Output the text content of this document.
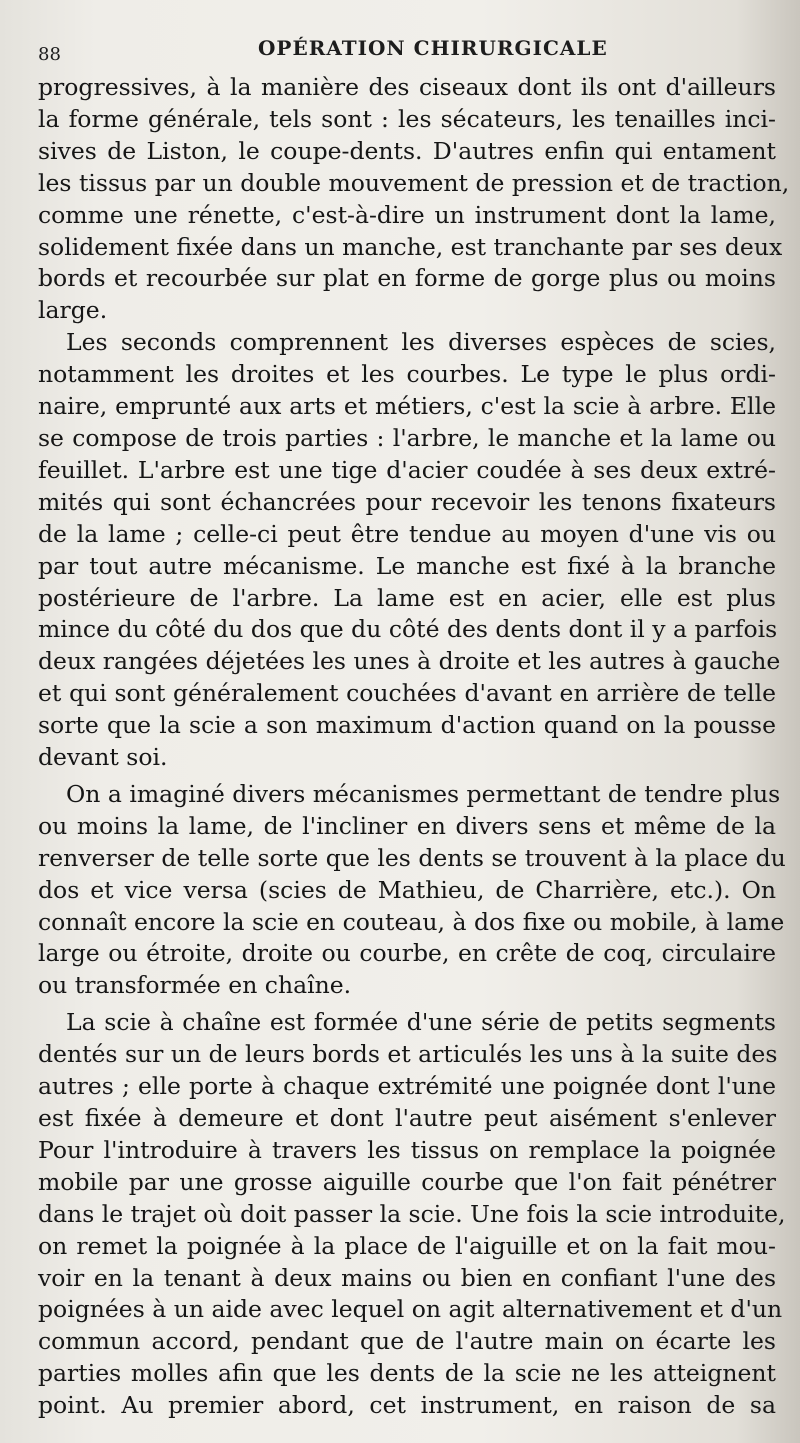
88	OPÉRATION CHIRURGICALE
progressives, à la manière des ciseaux dont ils ont d'ailleurs
la forme générale, tels sont : les sécateurs, les tenailles inci-
sives de Liston, le coupe-dents. D'autres enfin qui entament
les tissus par un double mouvement de pression et de traction,
comme une rénette, c'est-à-dire un instrument dont la lame,
solidement fixée dans un manche, est tranchante par ses deux
bords et recourbée sur plat en forme de gorge plus ou moins
large.
Les seconds comprennent les diverses espèces de scies,
notamment les droites et les courbes. Le type le plus ordi-
naire, emprunté aux arts et métiers, c'est la scie à arbre. Elle
se compose de trois parties : l'arbre, le manche et la lame ou
feuillet. L'arbre est une tige d'acier coudée à ses deux extré-
mités qui sont échancrées pour recevoir les tenons fixateurs
de la lame ; celle-ci peut être tendue au moyen d'une vis ou
par tout autre mécanisme. Le manche est fixé à la branche
postérieure de l'arbre. La lame est en acier, elle est plus
mince du côté du dos que du côté des dents dont il y a parfois
deux rangées déjetées les unes à droite et les autres à gauche
et qui sont généralement couchées d'avant en arrière de telle
sorte que la scie a son maximum d'action quand on la pousse
devant soi.
On a imaginé divers mécanismes permettant de tendre plus
ou moins la lame, de l'incliner en divers sens et même de la
renverser de telle sorte que les dents se trouvent à la place du
dos et vice versa (scies de Mathieu, de Charrière, etc.). On
connaît encore la scie en couteau, à dos fixe ou mobile, à lame
large ou étroite, droite ou courbe, en crête de coq, circulaire
ou transformée en chaîne.
La scie à chaîne est formée d'une série de petits segments
dentés sur un de leurs bords et articulés les uns à la suite des
autres ; elle porte à chaque extrémité une poignée dont l'une
est fixée à demeure et dont l'autre peut aisément s'enlever
Pour l'introduire à travers les tissus on remplace la poignée
mobile par une grosse aiguille courbe que l'on fait pénétrer
dans le trajet où doit passer la scie. Une fois la scie introduite,
on remet la poignée à la place de l'aiguille et on la fait mou-
voir en la tenant à deux mains ou bien en confiant l'une des
poignées à un aide avec lequel on agit alternativement et d'un
commun accord, pendant que de l'autre main on écarte les
parties molles afin que les dents de la scie ne les atteignent
point. Au premier abord, cet instrument, en raison de sa
